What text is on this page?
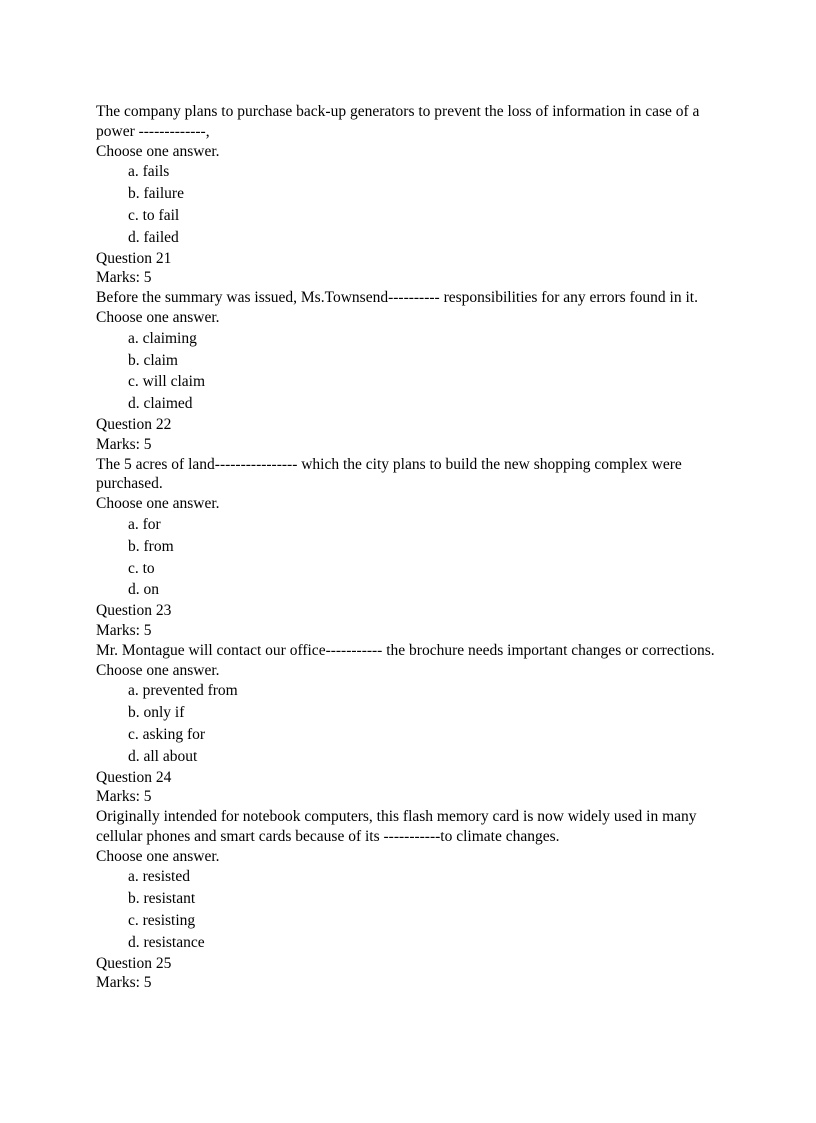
The company plans to purchase back-up generators to prevent the loss of information in case of a power -------------,
Choose one answer.
a. fails
b. failure
c. to fail
d. failed
Question 21
Marks: 5
Before the summary was issued, Ms.Townsend---------- responsibilities for any errors found in it.
Choose one answer.
a. claiming
b. claim
c. will claim
d. claimed
Question 22
Marks: 5
The 5 acres of land---------------- which the city plans to build the new shopping complex were purchased.
Choose one answer.
a. for
b. from
c. to
d. on
Question 23
Marks: 5
Mr. Montague will contact our office----------- the brochure needs important changes or corrections.
Choose one answer.
a. prevented from
b. only if
c. asking for
d. all about
Question 24
Marks: 5
Originally intended for notebook computers, this flash memory card is now widely used in many cellular phones and smart cards because of its -----------to climate changes.
Choose one answer.
a. resisted
b. resistant
c. resisting
d. resistance
Question 25
Marks: 5
